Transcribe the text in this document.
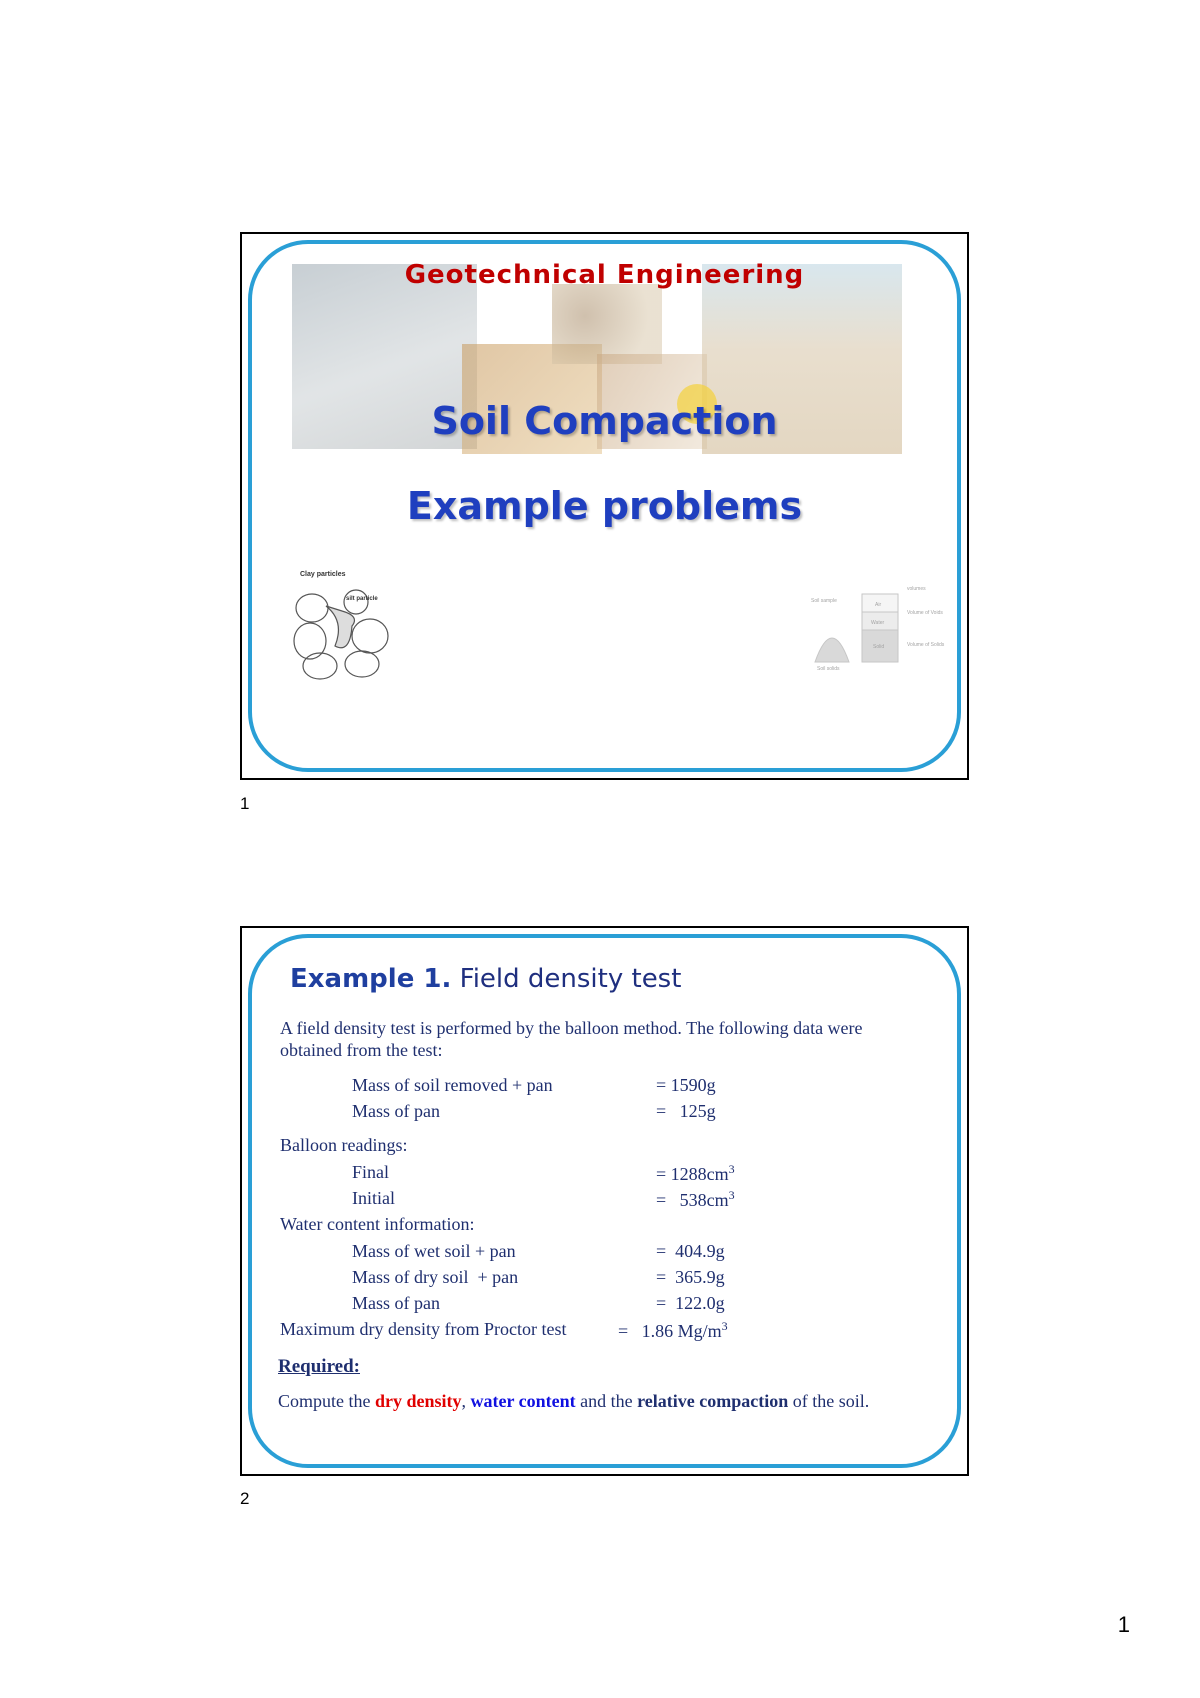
Geotechnical Engineering
Soil Compaction
Example problems
Clay particles
silt particle
Air
Water
Solid
Soil sample
Soil solids
volumes
Volume of Voids
Volume of Solids
1
Example 1. Field density test
A field density test is performed by the balloon method. The following data were
obtained from the test:
Mass of soil removed + pan	= 1590g
Mass of pan	=   125g
Balloon readings:
Final	= $1288cm^3$
Initial	=   $538cm^3$
Water content information:
Mass of wet soil + pan	=  404.9g
Mass of dry soil  + pan	=  365.9g
Mass of pan	=  122.0g
Maximum dry density from Proctor test	=   1.86 $Mg/m^3$
Required:
Compute the dry density, water content and the relative compaction of the soil.
2
1
